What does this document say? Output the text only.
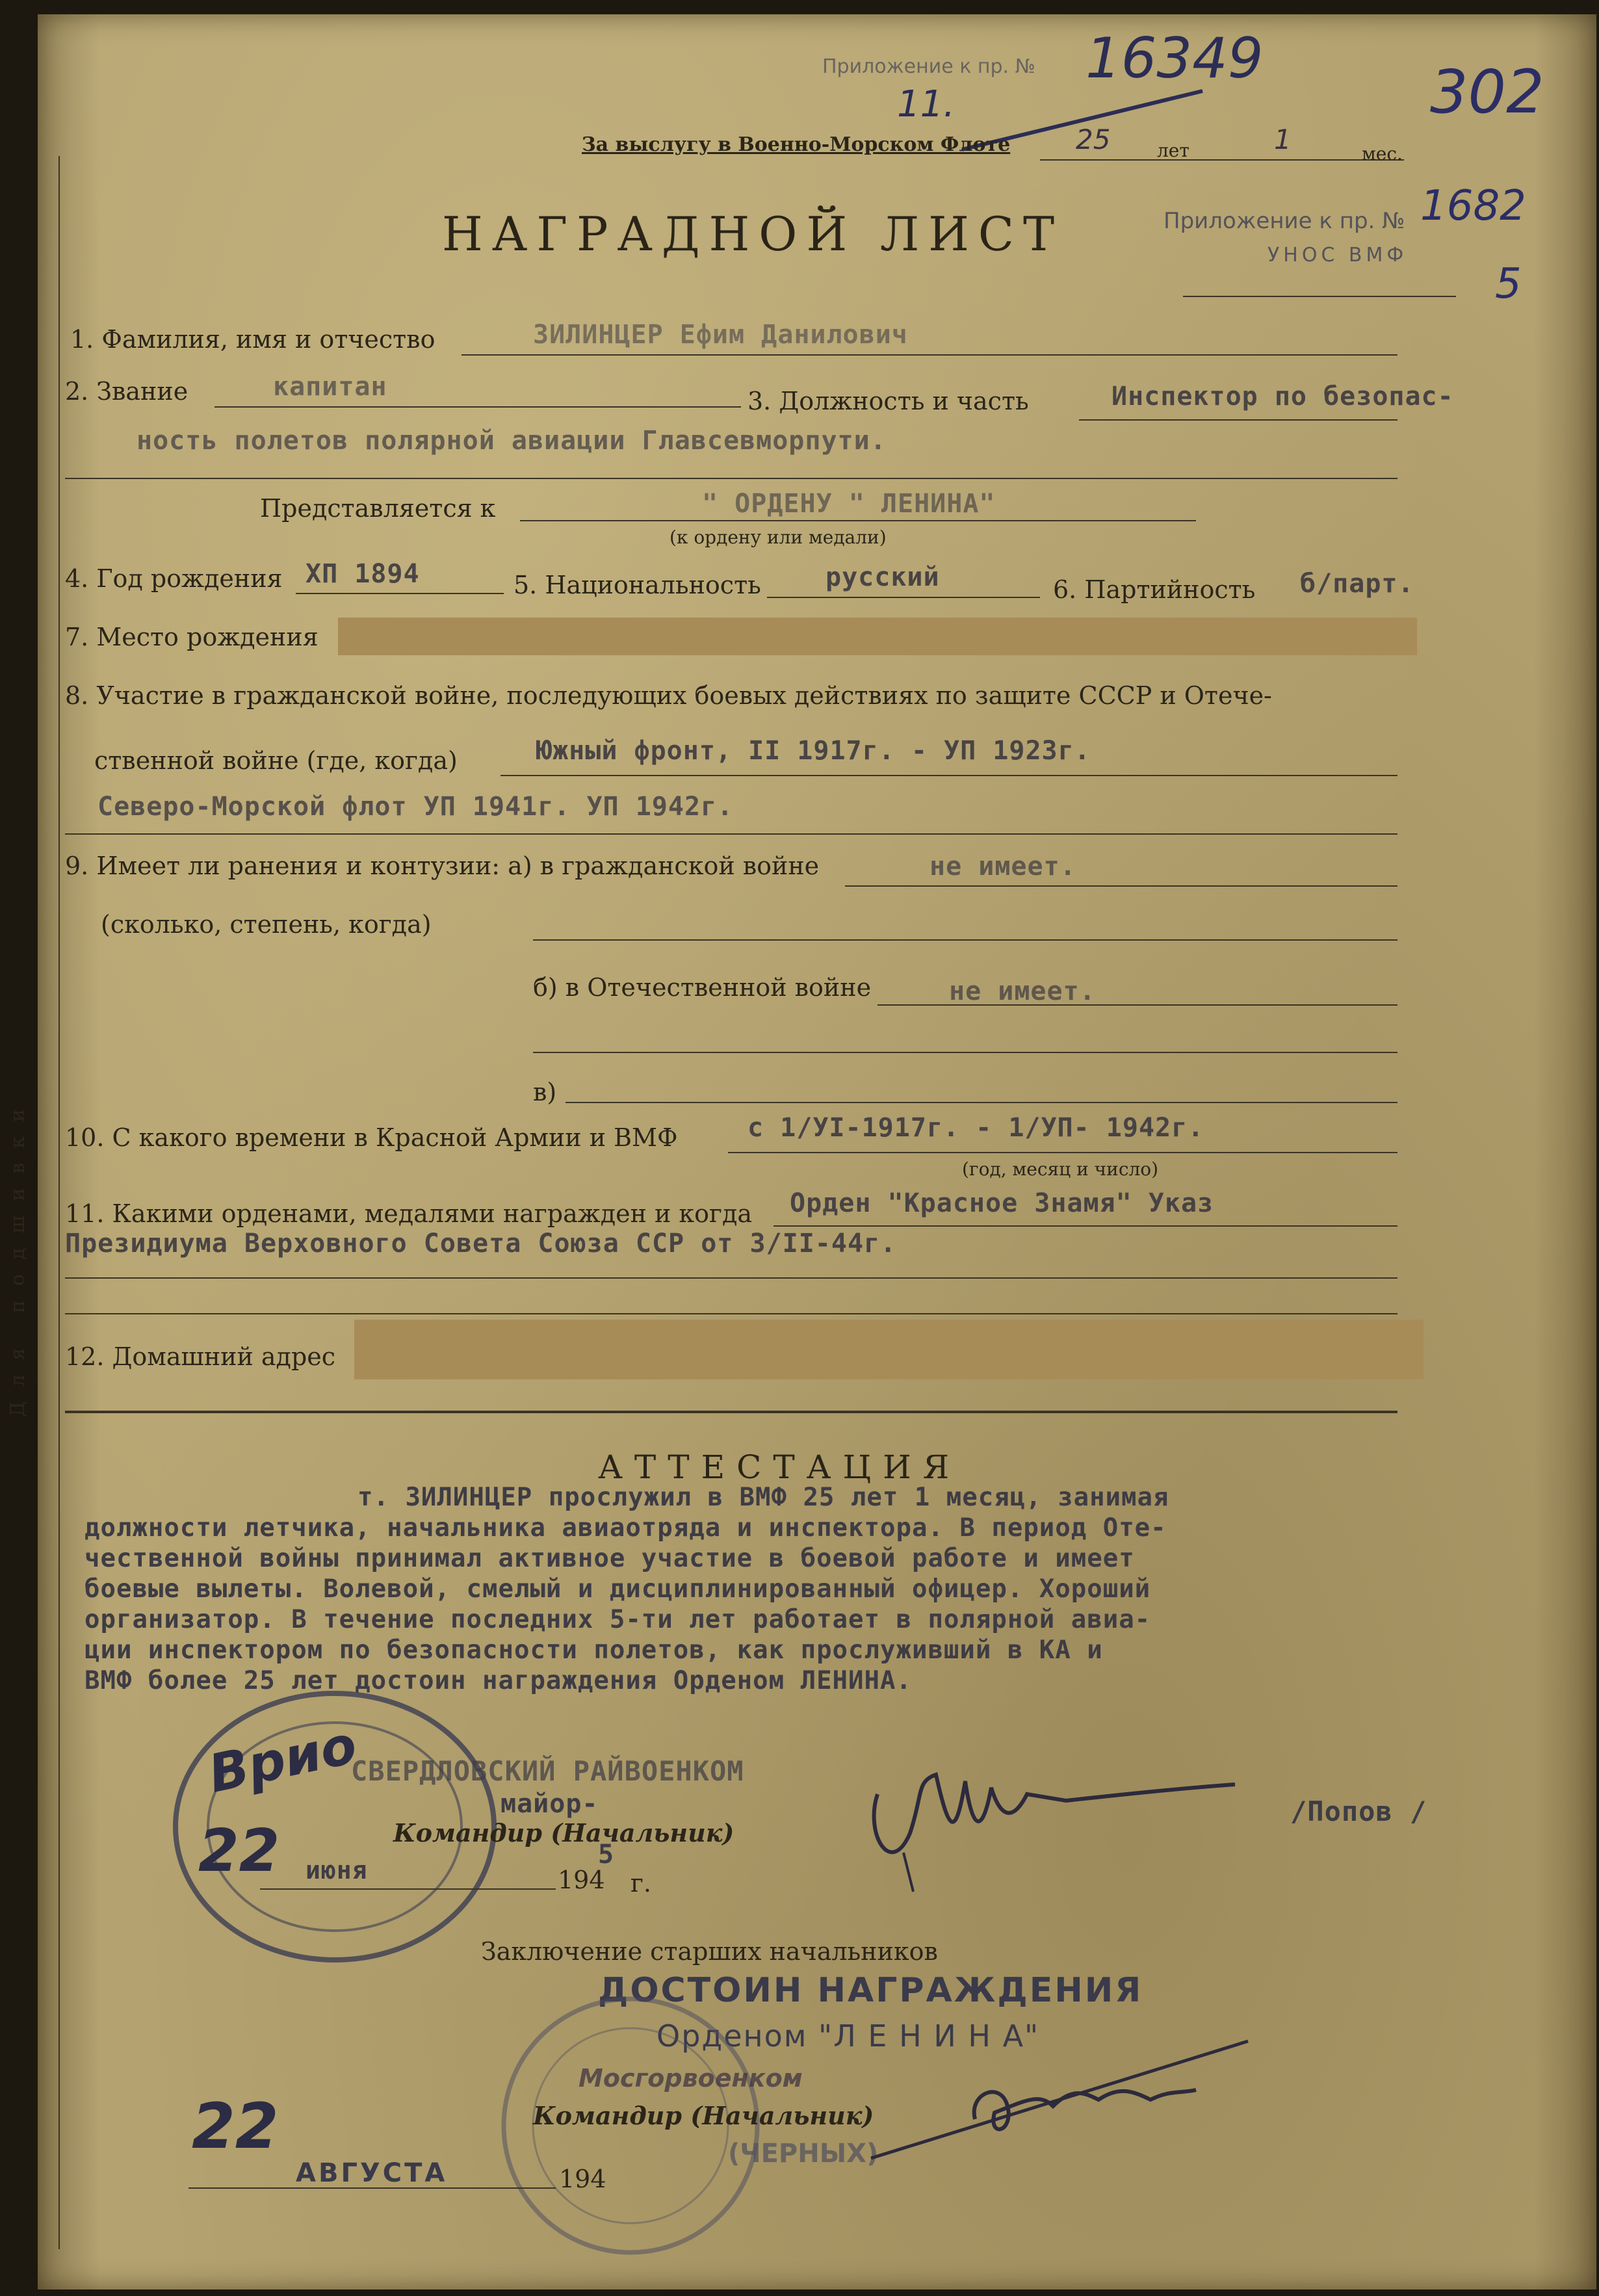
Для подшивки
Приложение к пр. № 16349
11.	302
За выслугу в Военно-Морском Флоте 25	лет	1	мес.
Приложение к пр. № 1682
УНОС ВМФ
5
НАГРАДНОЙ ЛИСТ
1. Фамилия, имя и отчество	ЗИЛИНЦЕР Ефим Данилович
2. Звание	капитан	3. Должность и часть	Инспектор по безопас-
ность полетов полярной авиации Главсевморпути.
Представляется к	" ОРДЕНУ " ЛЕНИНА"
(к ордену или медали)
4. Год рождения XП 1894	5. Национальность русский	6. Партийность б/парт.
7. Место рождения
8. Участие в гражданской войне, последующих боевых действиях по защите СССР и Отече-
ственной войне (где, когда)	Южный фронт, II 1917г. - УП 1923г.
Северо-Морской флот УП 1941г. УП 1942г.
9. Имеет ли ранения и контузии: а) в гражданской войне	не имеет.
(сколько, степень, когда)
б) в Отечественной войне	не имеет.
в)
10. С какого времени в Красной Армии и ВМФ	с 1/УI-1917г. - 1/УП- 1942г.
(год, месяц и число)
11. Какими орденами, медалями награжден и когда Орден "Красное Знамя" Указ
Президиума Верховного Совета Союза ССР от 3/II-44г.
12. Домашний адрес
АТТЕСТАЦИЯ
т. ЗИЛИНЦЕР прослужил в ВМФ 25 лет 1 месяц, занимая
должности летчика, начальника авиаотряда и инспектора. В период Оте-
чественной войны принимал активное участие в боевой работе и имеет
боевые вылеты. Волевой, смелый и дисциплинированный офицер. Хороший
организатор. В течение последних 5-ти лет работает в полярной авиа-
ции инспектором по безопасности полетов, как прослуживший в КА и
ВМФ более 25 лет достоин награждения Орденом ЛЕНИНА.
Врио
СВЕРДЛОВСКИЙ РАЙВОЕНКОМ
майор-
Командир (Начальник)
/Попов /
22 июня	194
5
г.
Заключение старших начальников
ДОСТОИН НАГРАЖДЕНИЯ
Орденом "Л Е Н И Н А"
Мосгорвоенком
Командир (Начальник)
(ЧЕРНЫХ)
22
АВГУСТА	194
